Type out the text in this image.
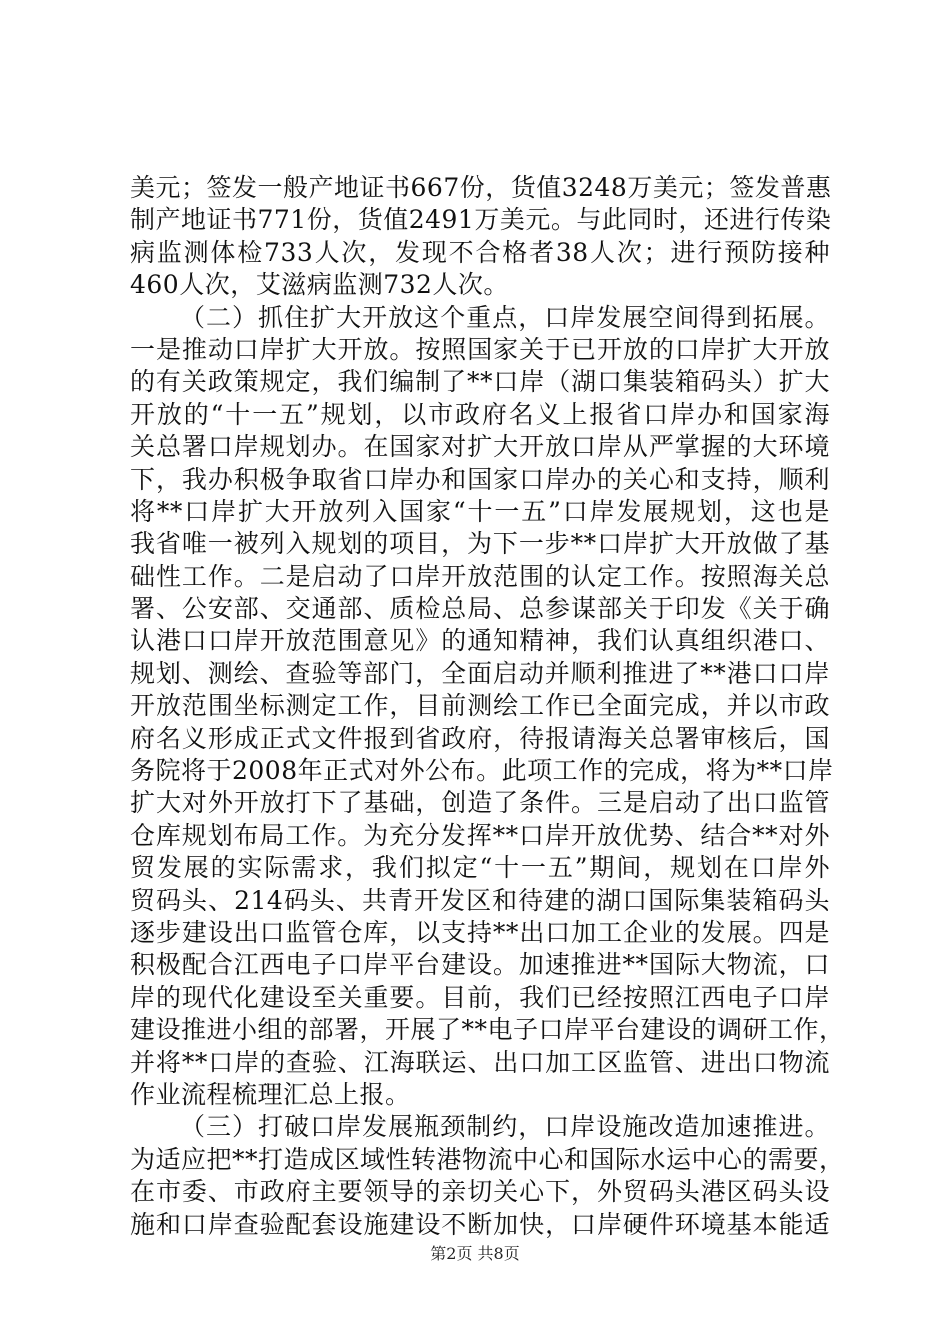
美元；签发一般产地证书667份，货值3248万美元；签发普惠
制产地证书771份，货值2491万美元。与此同时，还进行传染
病监测体检733人次，发现不合格者38人次；进行预防接种
460人次，艾滋病监测732人次。
（二）抓住扩大开放这个重点，口岸发展空间得到拓展。
一是推动口岸扩大开放。按照国家关于已开放的口岸扩大开放
的有关政策规定，我们编制了**口岸（湖口集装箱码头）扩大
开放的“十一五”规划，以市政府名义上报省口岸办和国家海
关总署口岸规划办。在国家对扩大开放口岸从严掌握的大环境
下，我办积极争取省口岸办和国家口岸办的关心和支持，顺利
将**口岸扩大开放列入国家“十一五”口岸发展规划，这也是
我省唯一被列入规划的项目，为下一步**口岸扩大开放做了基
础性工作。二是启动了口岸开放范围的认定工作。按照海关总
署、公安部、交通部、质检总局、总参谋部关于印发《关于确
认港口口岸开放范围意见》的通知精神，我们认真组织港口、
规划、测绘、查验等部门，全面启动并顺利推进了**港口口岸
开放范围坐标测定工作，目前测绘工作已全面完成，并以市政
府名义形成正式文件报到省政府，待报请海关总署审核后，国
务院将于2008年正式对外公布。此项工作的完成，将为**口岸
扩大对外开放打下了基础，创造了条件。三是启动了出口监管
仓库规划布局工作。为充分发挥**口岸开放优势、结合**对外
贸发展的实际需求，我们拟定“十一五”期间，规划在口岸外
贸码头、214码头、共青开发区和待建的湖口国际集装箱码头
逐步建设出口监管仓库，以支持**出口加工企业的发展。四是
积极配合江西电子口岸平台建设。加速推进**国际大物流，口
岸的现代化建设至关重要。目前，我们已经按照江西电子口岸
建设推进小组的部署，开展了**电子口岸平台建设的调研工作，
并将**口岸的查验、江海联运、出口加工区监管、进出口物流
作业流程梳理汇总上报。
（三）打破口岸发展瓶颈制约，口岸设施改造加速推进。
为适应把**打造成区域性转港物流中心和国际水运中心的需要，
在市委、市政府主要领导的亲切关心下，外贸码头港区码头设
施和口岸查验配套设施建设不断加快，口岸硬件环境基本能适
第2页 共8页
